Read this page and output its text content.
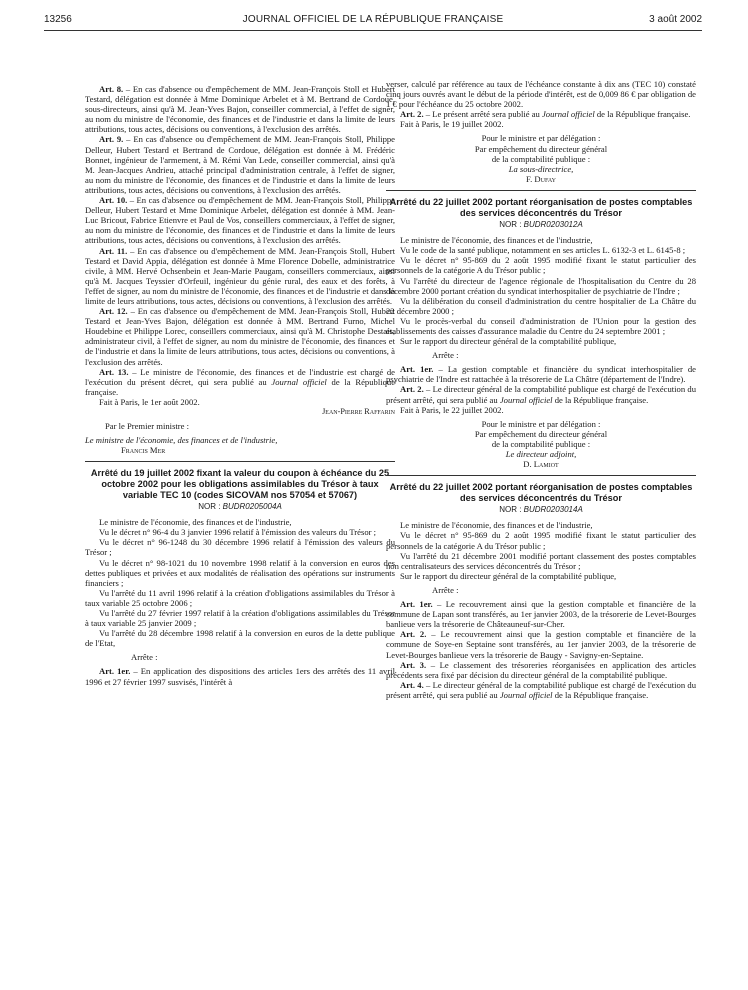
13256	JOURNAL OFFICIEL DE LA RÉPUBLIQUE FRANÇAISE	3 août 2002

Art. 8. – En cas d'absence ou d'empêchement de MM. Jean-François Stoll et Hubert Testard, délégation est donnée à Mme Dominique Arbelet et à M. Bertrand de Cordoue, sous-directeurs, ainsi qu'à M. Jean-Yves Bajon, conseiller commercial, à l'effet de signer, au nom du ministre de l'économie, des finances et de l'industrie et dans la limite de leurs attributions, tous actes, décisions ou conventions, à l'exclusion des arrêtés.

Art. 9. – En cas d'absence ou d'empêchement de MM. Jean-François Stoll, Philippe Delleur, Hubert Testard et Bertrand de Cordoue, délégation est donnée à M. Frédéric Bonnet, ingénieur de l'armement, à M. Rémi Van Lede, conseiller commercial, ainsi qu'à M. Jean-Jacques Andrieu, attaché principal d'administration centrale, à l'effet de signer, au nom du ministre de l'économie, des finances et de l'industrie et dans la limite de leurs attributions, tous actes, décisions ou conventions, à l'exclusion des arrêtés.

Art. 10. – En cas d'absence ou d'empêchement de MM. Jean-François Stoll, Philippe Delleur, Hubert Testard et Mme Dominique Arbelet, délégation est donnée à MM. Jean-Luc Bricout, Fabrice Etienvre et Paul de Vos, conseillers commerciaux, à l'effet de signer, au nom du ministre de l'économie, des finances et de l'industrie et dans la limite de leurs attributions, tous actes, décisions ou conventions, à l'exclusion des arrêtés.

Art. 11. – En cas d'absence ou d'empêchement de MM. Jean-François Stoll, Hubert Testard et David Appia, délégation est donnée à Mme Florence Dobelle, administratrice civile, à MM. Hervé Ochsenbein et Jean-Marie Paugam, conseillers commerciaux, ainsi qu'à M. Jacques Teyssier d'Orfeuil, ingénieur du génie rural, des eaux et des forêts, à l'effet de signer, au nom du ministre de l'économie, des finances et de l'industrie et dans la limite de leurs attributions, tous actes, décisions ou conventions, à l'exclusion des arrêtés.

Art. 12. – En cas d'absence ou d'empêchement de MM. Jean-François Stoll, Hubert Testard et Jean-Yves Bajon, délégation est donnée à MM. Bertrand Furno, Michel Houdebine et Philippe Lorec, conseillers commerciaux, ainsi qu'à M. Christophe Destais, administrateur civil, à l'effet de signer, au nom du ministre de l'économie, des finances et de l'industrie et dans la limite de leurs attributions, tous actes, décisions ou conventions, à l'exclusion des arrêtés.

Art. 13. – Le ministre de l'économie, des finances et de l'industrie est chargé de l'exécution du présent décret, qui sera publié au Journal officiel de la République française.

Fait à Paris, le 1er août 2002.

Jean-Pierre Raffarin
Par le Premier ministre :
Le ministre de l'économie, des finances et de l'industrie,
Francis Mer
Arrêté du 19 juillet 2002 fixant la valeur du coupon à échéance du 25 octobre 2002 pour les obligations assimilables du Trésor à taux variable TEC 10 (codes SICOVAM nos 57054 et 57067)
NOR : BUDR0205004A

Le ministre de l'économie, des finances et de l'industrie,

Vu le décret n° 96-4 du 3 janvier 1996 relatif à l'émission des valeurs du Trésor ;

Vu le décret n° 96-1248 du 30 décembre 1996 relatif à l'émission des valeurs du Trésor ;

Vu le décret n° 98-1021 du 10 novembre 1998 relatif à la conversion en euros des dettes publiques et privées et aux modalités de réalisation des opérations sur instruments financiers ;

Vu l'arrêté du 11 avril 1996 relatif à la création d'obligations assimilables du Trésor à taux variable 25 octobre 2006 ;

Vu l'arrêté du 27 février 1997 relatif à la création d'obligations assimilables du Trésor à taux variable 25 janvier 2009 ;

Vu l'arrêté du 28 décembre 1998 relatif à la conversion en euros de la dette publique de l'Etat,

Arrête :

Art. 1er. – En application des dispositions des articles 1ers des arrêtés des 11 avril 1996 et 27 février 1997 susvisés, l'intérêt à

verser, calculé par référence au taux de l'échéance constante à dix ans (TEC 10) constaté cinq jours ouvrés avant le début de la période d'intérêt, est de 0,009 86 € par obligation de 1 € pour l'échéance du 25 octobre 2002.

Art. 2. – Le présent arrêté sera publié au Journal officiel de la République française.

Fait à Paris, le 19 juillet 2002.

Pour le ministre et par délégation :
Par empêchement du directeur général
de la comptabilité publique :
La sous-directrice,
F. Dufay
Arrêté du 22 juillet 2002 portant réorganisation de postes comptables des services déconcentrés du Trésor
NOR : BUDR0203012A

Le ministre de l'économie, des finances et de l'industrie,

Vu le code de la santé publique, notamment en ses articles L. 6132-3 et L. 6145-8 ;

Vu le décret n° 95-869 du 2 août 1995 modifié fixant le statut particulier des personnels de la catégorie A du Trésor public ;

Vu l'arrêté du directeur de l'agence régionale de l'hospitalisation du Centre du 28 décembre 2000 portant création du syndicat interhospitalier de psychiatrie de l'Indre ;

Vu la délibération du conseil d'administration du centre hospitalier de La Châtre du 22 décembre 2000 ;

Vu le procès-verbal du conseil d'administration de l'Union pour la gestion des établissements des caisses d'assurance maladie du Centre du 24 septembre 2001 ;

Sur le rapport du directeur général de la comptabilité publique,

Arrête :

Art. 1er. – La gestion comptable et financière du syndicat interhospitalier de psychiatrie de l'Indre est rattachée à la trésorerie de La Châtre (département de l'Indre).

Art. 2. – Le directeur général de la comptabilité publique est chargé de l'exécution du présent arrêté, qui sera publié au Journal officiel de la République française.

Fait à Paris, le 22 juillet 2002.

Pour le ministre et par délégation :
Par empêchement du directeur général
de la comptabilité publique :
Le directeur adjoint,
D. Lamiot
Arrêté du 22 juillet 2002 portant réorganisation de postes comptables des services déconcentrés du Trésor
NOR : BUDR0203014A

Le ministre de l'économie, des finances et de l'industrie,

Vu le décret n° 95-869 du 2 août 1995 modifié fixant le statut particulier des personnels de la catégorie A du Trésor public ;

Vu l'arrêté du 21 décembre 2001 modifié portant classement des postes comptables non centralisateurs des services déconcentrés du Trésor ;

Sur le rapport du directeur général de la comptabilité publique,

Arrête :

Art. 1er. – Le recouvrement ainsi que la gestion comptable et financière de la commune de Lapan sont transférés, au 1er janvier 2003, de la trésorerie de Levet-Bourges banlieue vers la trésorerie de Châteauneuf-sur-Cher.

Art. 2. – Le recouvrement ainsi que la gestion comptable et financière de la commune de Soye-en Septaine sont transférés, au 1er janvier 2003, de la trésorerie de Levet-Bourges banlieue vers la trésorerie de Baugy - Savigny-en-Septaine.

Art. 3. – Le classement des trésoreries réorganisées en application des articles précédents sera fixé par décision du directeur général de la comptabilité publique.

Art. 4. – Le directeur général de la comptabilité publique est chargé de l'exécution du présent arrêté, qui sera publié au Journal officiel de la République française.
